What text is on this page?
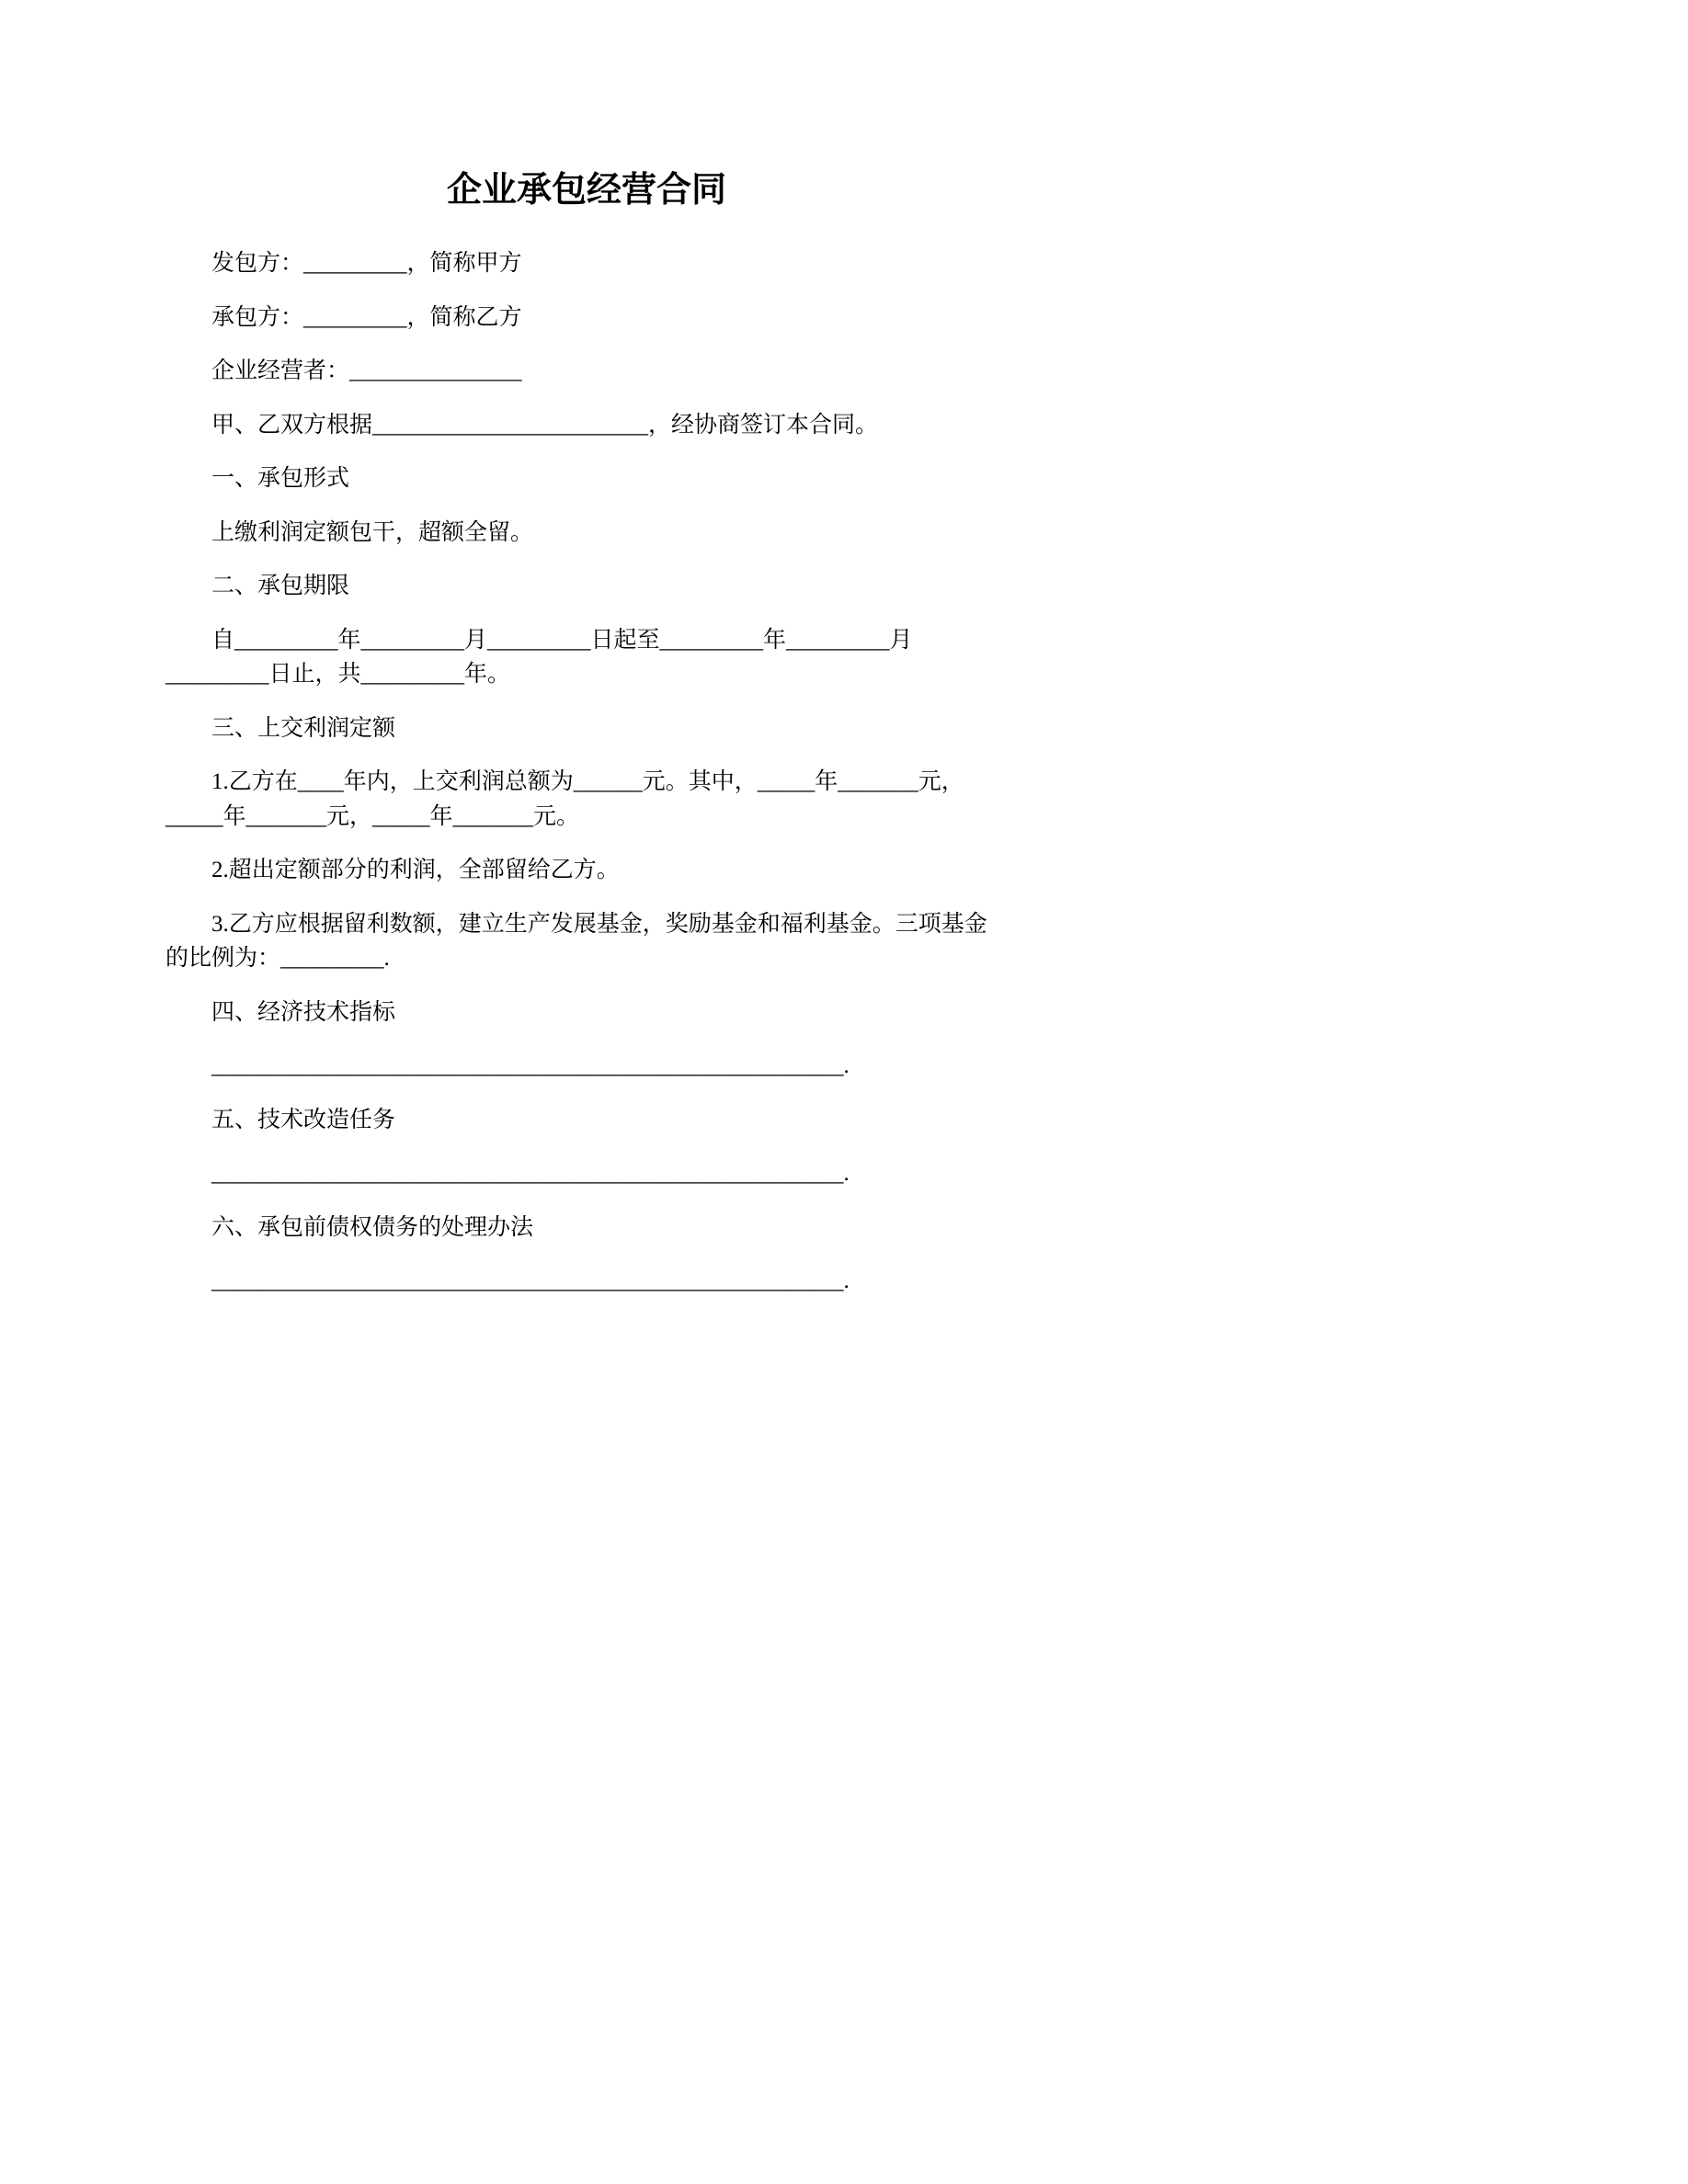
企业承包经营合同

发包方：_________，简称甲方

承包方：_________，简称乙方

企业经营者：_______________

甲、乙双方根据________________________，经协商签订本合同。

一、承包形式

上缴利润定额包干，超额全留。

二、承包期限

自_________年_________月_________日起至_________年_________月_________日止，共_________年。

三、上交利润定额

1.乙方在____年内，上交利润总额为______元。其中，_____年_______元，_____年_______元，_____年_______元。

2.超出定额部分的利润，全部留给乙方。

3.乙方应根据留利数额，建立生产发展基金，奖励基金和福利基金。三项基金的比例为：_________.

四、经济技术指标

_______________________________________________________.

五、技术改造任务

_______________________________________________________.

六、承包前债权债务的处理办法

_______________________________________________________.
